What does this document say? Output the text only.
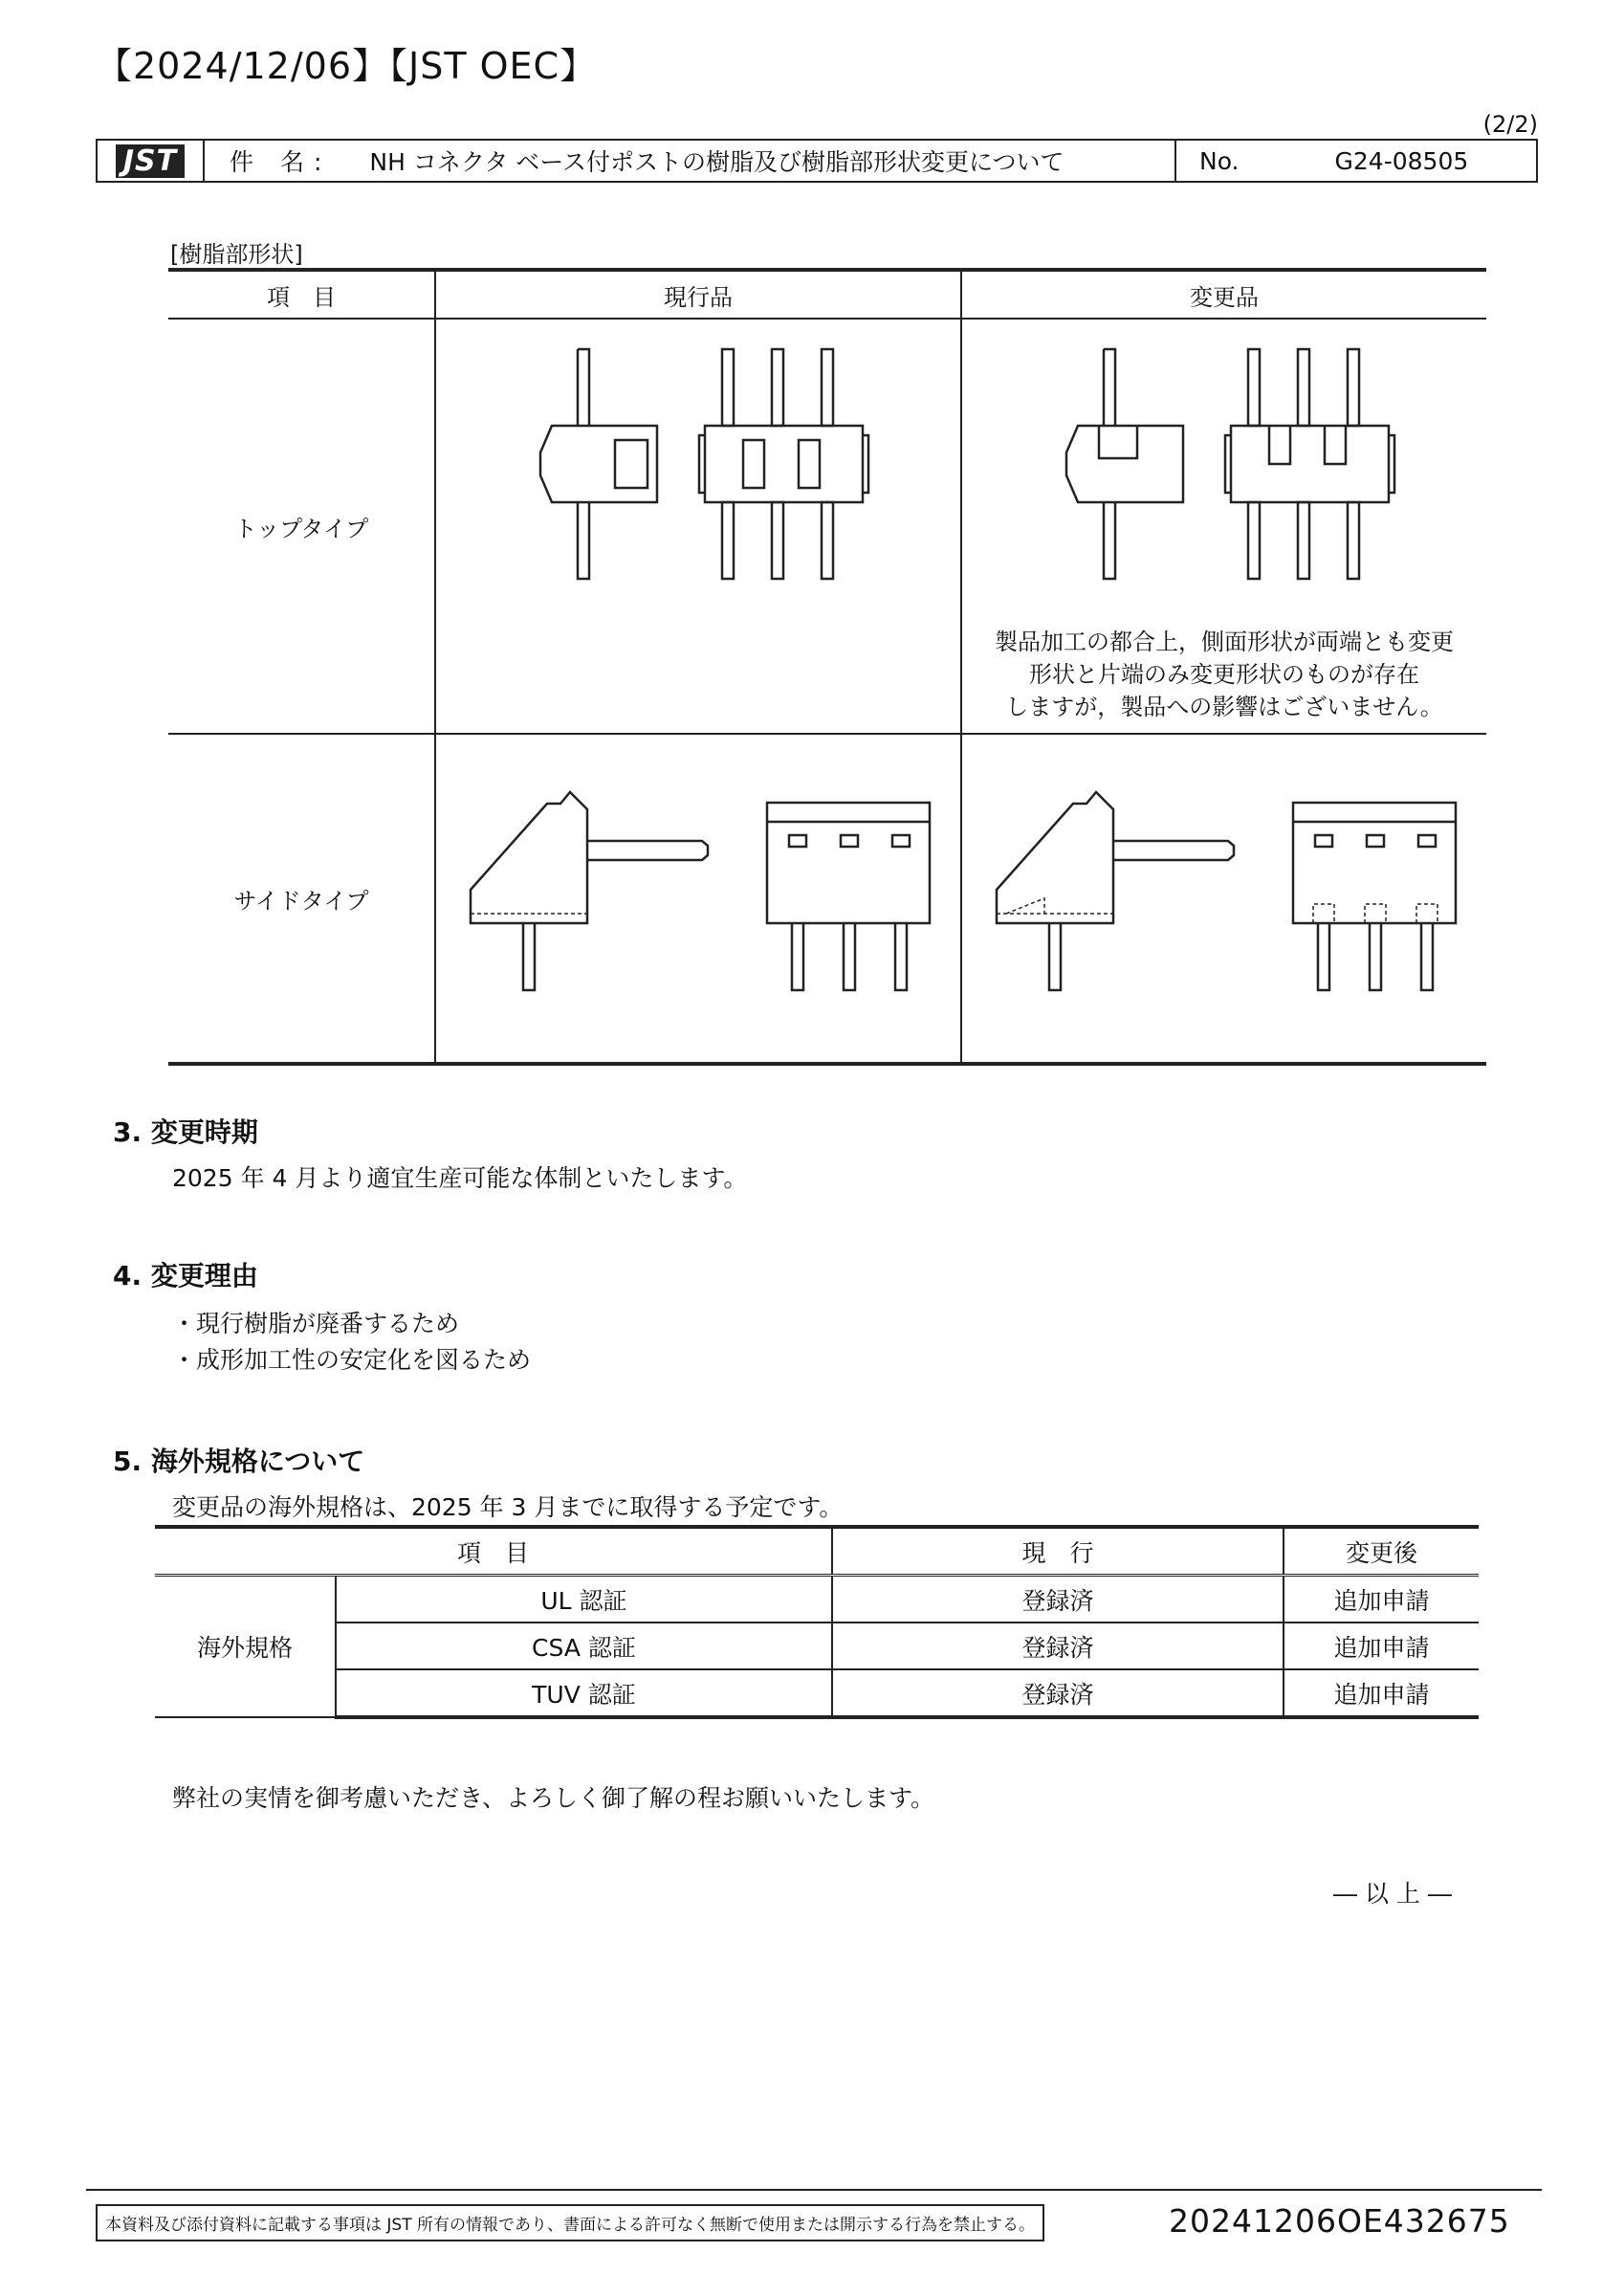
【2024/12/06】【JST OEC】
(2/2)
JST	件 名: NH コネクタ ベース付ポストの樹脂及び樹脂部形状変更について	No.	G24-08505
[樹脂部形状]
項　目	現行品	変更品
トップタイプ		製品加工の都合上，側面形状が両端とも変更
形状と片端のみ変更形状のものが存在
しますが，製品への影響はございません。

サイドタイプ		
3. 変更時期
2025 年 4 月より適宜生産可能な体制といたします。
4. 変更理由
・現行樹脂が廃番するため
・成形加工性の安定化を図るため
5. 海外規格について
変更品の海外規格は、2025 年 3 月までに取得する予定です。
項　目		現　行	変更後
海外規格	UL 認証	登録済	追加申請
	CSA 認証	登録済	追加申請
	TUV 認証	登録済	追加申請
弊社の実情を御考慮いただき、よろしく御了解の程お願いいたします。
― 以 上 ―
本資料及び添付資料に記載する事項は JST 所有の情報であり、書面による許可なく無断で使用または開示する行為を禁止する。	20241206OE432675
